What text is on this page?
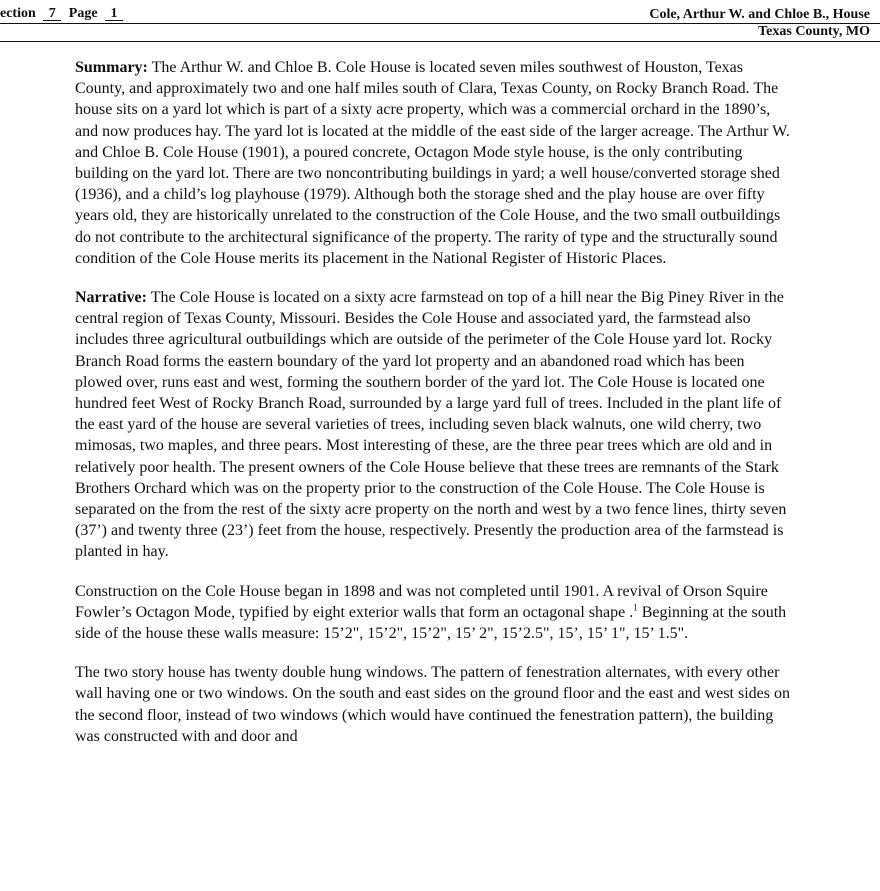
ection 7 Page 1	Cole, Arthur W. and Chloe B., House
Texas County, MO

Summary: The Arthur W. and Chloe B. Cole House is located seven miles southwest of Houston, Texas County, and approximately two and one half miles south of Clara, Texas County, on Rocky Branch Road. The house sits on a yard lot which is part of a sixty acre property, which was a commercial orchard in the 1890’s, and now produces hay. The yard lot is located at the middle of the east side of the larger acreage. The Arthur W. and Chloe B. Cole House (1901), a poured concrete, Octagon Mode style house, is the only contributing building on the yard lot. There are two noncontributing buildings in yard; a well house/converted storage shed (1936), and a child’s log playhouse (1979). Although both the storage shed and the play house are over fifty years old, they are historically unrelated to the construction of the Cole House, and the two small outbuildings do not contribute to the architectural significance of the property. The rarity of type and the structurally sound condition of the Cole House merits its placement in the National Register of Historic Places.

Narrative: The Cole House is located on a sixty acre farmstead on top of a hill near the Big Piney River in the central region of Texas County, Missouri. Besides the Cole House and associated yard, the farmstead also includes three agricultural outbuildings which are outside of the perimeter of the Cole House yard lot. Rocky Branch Road forms the eastern boundary of the yard lot property and an abandoned road which has been plowed over, runs east and west, forming the southern border of the yard lot. The Cole House is located one hundred feet West of Rocky Branch Road, surrounded by a large yard full of trees. Included in the plant life of the east yard of the house are several varieties of trees, including seven black walnuts, one wild cherry, two mimosas, two maples, and three pears. Most interesting of these, are the three pear trees which are old and in relatively poor health. The present owners of the Cole House believe that these trees are remnants of the Stark Brothers Orchard which was on the property prior to the construction of the Cole House. The Cole House is separated on the from the rest of the sixty acre property on the north and west by a two fence lines, thirty seven (37’) and twenty three (23’) feet from the house, respectively. Presently the production area of the farmstead is planted in hay.

Construction on the Cole House began in 1898 and was not completed until 1901. A revival of Orson Squire Fowler’s Octagon Mode, typified by eight exterior walls that form an octagonal shape .$^1$ Beginning at the south side of the house these walls measure: 15’2", 15’2", 15’2", 15’ 2", 15’2.5", 15’, 15’ 1", 15’ 1.5".

The two story house has twenty double hung windows. The pattern of fenestration alternates, with every other wall having one or two windows. On the south and east sides on the ground floor and the east and west sides on the second floor, instead of two windows (which would have continued the fenestration pattern), the building was constructed with and door and
